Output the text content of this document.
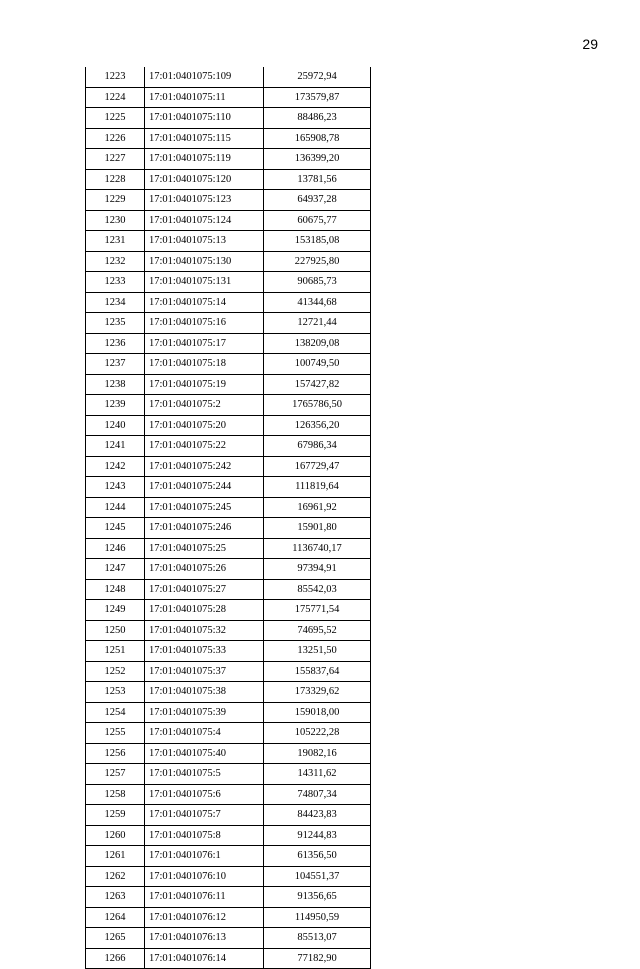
29
1223	17:01:0401075:109	25972,94
1224	17:01:0401075:11	173579,87
1225	17:01:0401075:110	88486,23
1226	17:01:0401075:115	165908,78
1227	17:01:0401075:119	136399,20
1228	17:01:0401075:120	13781,56
1229	17:01:0401075:123	64937,28
1230	17:01:0401075:124	60675,77
1231	17:01:0401075:13	153185,08
1232	17:01:0401075:130	227925,80
1233	17:01:0401075:131	90685,73
1234	17:01:0401075:14	41344,68
1235	17:01:0401075:16	12721,44
1236	17:01:0401075:17	138209,08
1237	17:01:0401075:18	100749,50
1238	17:01:0401075:19	157427,82
1239	17:01:0401075:2	1765786,50
1240	17:01:0401075:20	126356,20
1241	17:01:0401075:22	67986,34
1242	17:01:0401075:242	167729,47
1243	17:01:0401075:244	111819,64
1244	17:01:0401075:245	16961,92
1245	17:01:0401075:246	15901,80
1246	17:01:0401075:25	1136740,17
1247	17:01:0401075:26	97394,91
1248	17:01:0401075:27	85542,03
1249	17:01:0401075:28	175771,54
1250	17:01:0401075:32	74695,52
1251	17:01:0401075:33	13251,50
1252	17:01:0401075:37	155837,64
1253	17:01:0401075:38	173329,62
1254	17:01:0401075:39	159018,00
1255	17:01:0401075:4	105222,28
1256	17:01:0401075:40	19082,16
1257	17:01:0401075:5	14311,62
1258	17:01:0401075:6	74807,34
1259	17:01:0401075:7	84423,83
1260	17:01:0401075:8	91244,83
1261	17:01:0401076:1	61356,50
1262	17:01:0401076:10	104551,37
1263	17:01:0401076:11	91356,65
1264	17:01:0401076:12	114950,59
1265	17:01:0401076:13	85513,07
1266	17:01:0401076:14	77182,90
